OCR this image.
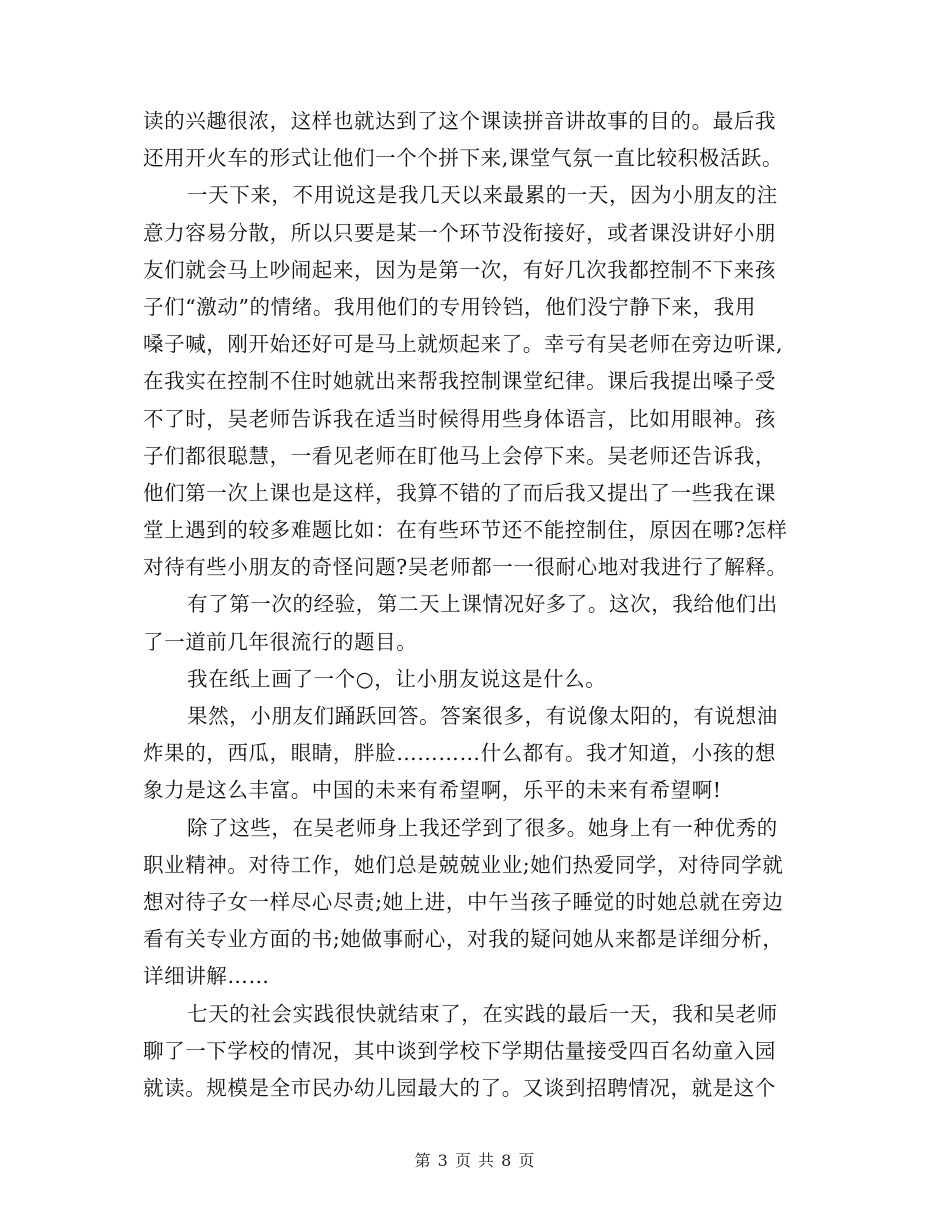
读的兴趣很浓，这样也就达到了这个课读拼音讲故事的目的。最后我
还用开火车的形式让他们一个个拼下来,课堂气氛一直比较积极活跃。
一天下来，不用说这是我几天以来最累的一天，因为小朋友的注
意力容易分散，所以只要是某一个环节没衔接好，或者课没讲好小朋
友们就会马上吵闹起来，因为是第一次，有好几次我都控制不下来孩
子们“激动”的情绪。我用他们的专用铃铛，他们没宁静下来，我用
嗓子喊，刚开始还好可是马上就烦起来了。幸亏有吴老师在旁边听课,
在我实在控制不住时她就出来帮我控制课堂纪律。课后我提出嗓子受
不了时，吴老师告诉我在适当时候得用些身体语言，比如用眼神。孩
子们都很聪慧，一看见老师在盯他马上会停下来。吴老师还告诉我，
他们第一次上课也是这样，我算不错的了而后我又提出了一些我在课
堂上遇到的较多难题比如：在有些环节还不能控制住，原因在哪?怎样
对待有些小朋友的奇怪问题?吴老师都一一很耐心地对我进行了解释。
有了第一次的经验，第二天上课情况好多了。这次，我给他们出
了一道前几年很流行的题目。
我在纸上画了一个○，让小朋友说这是什么。
果然，小朋友们踊跃回答。答案很多，有说像太阳的，有说想油
炸果的，西瓜，眼睛，胖脸…………什么都有。我才知道，小孩的想
象力是这么丰富。中国的未来有希望啊，乐平的未来有希望啊!
除了这些，在吴老师身上我还学到了很多。她身上有一种优秀的
职业精神。对待工作，她们总是兢兢业业;她们热爱同学，对待同学就
想对待子女一样尽心尽责;她上进，中午当孩子睡觉的时她总就在旁边
看有关专业方面的书;她做事耐心，对我的疑问她从来都是详细分析，
详细讲解……
七天的社会实践很快就结束了，在实践的最后一天，我和吴老师
聊了一下学校的情况，其中谈到学校下学期估量接受四百名幼童入园
就读。规模是全市民办幼儿园最大的了。又谈到招聘情况，就是这个
第 3 页 共 8 页
